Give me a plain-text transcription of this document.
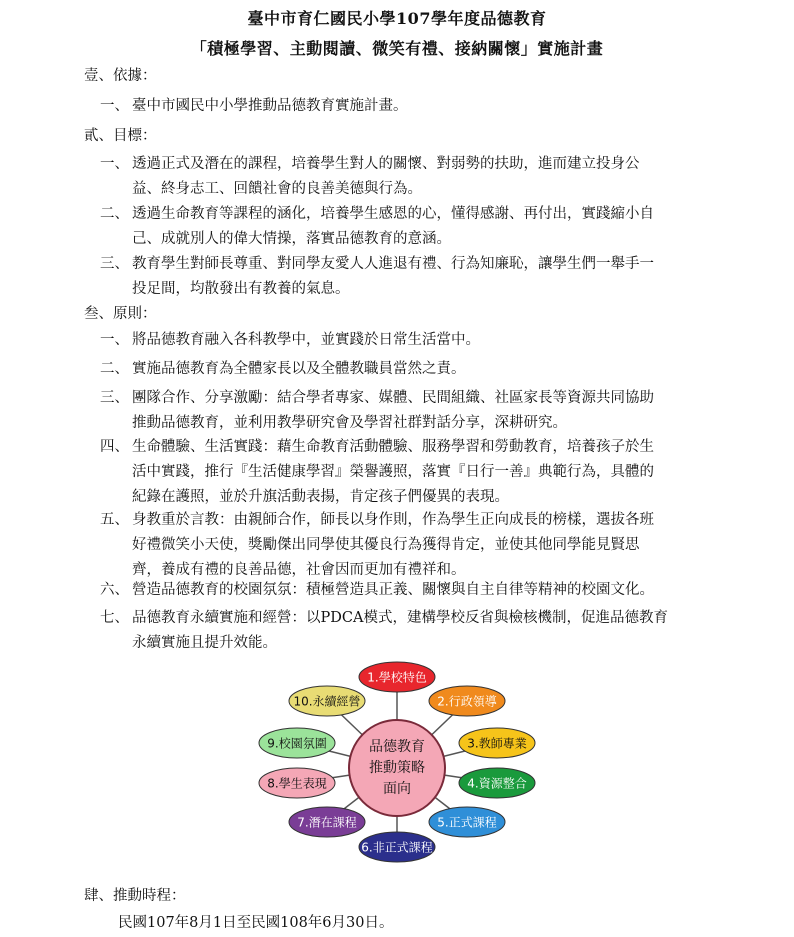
臺中市育仁國民小學107學年度品德教育
「積極學習、主動閱讀、微笑有禮、接納關懷」實施計畫
壹、依據：
一、 臺中市國民中小學推動品德教育實施計畫。
貳、目標：
一、 透過正式及潛在的課程，培養學生對人的關懷、對弱勢的扶助，進而建立投身公
益、終身志工、回饋社會的良善美德與行為。
二、 透過生命教育等課程的涵化，培養學生感恩的心，懂得感謝、再付出，實踐縮小自
己、成就別人的偉大情操，落實品德教育的意涵。
三、 教育學生對師長尊重、對同學友愛人人進退有禮、行為知廉恥，讓學生們一舉手一
投足間，均散發出有教養的氣息。
叁、原則：
一、 將品德教育融入各科教學中，並實踐於日常生活當中。
二、 實施品德教育為全體家長以及全體教職員當然之責。
三、 團隊合作、分享激勵：結合學者專家、媒體、民間組織、社區家長等資源共同協助
推動品德教育，並利用教學研究會及學習社群對話分享，深耕研究。
四、 生命體驗、生活實踐：藉生命教育活動體驗、服務學習和勞動教育，培養孩子於生
活中實踐，推行『生活健康學習』榮譽護照，落實『日行一善』典範行為，具體的
紀錄在護照，並於升旗活動表揚，肯定孩子們優異的表現。
五、 身教重於言教：由親師合作，師長以身作則，作為學生正向成長的榜樣，選拔各班
好禮微笑小天使，獎勵傑出同學使其優良行為獲得肯定，並使其他同學能見賢思
齊，養成有禮的良善品德，社會因而更加有禮祥和。
六、 營造品德教育的校園氛氛：積極營造具正義、關懷與自主自律等精神的校園文化。
七、 品德教育永續實施和經營：以PDCA模式，建構學校反省與檢核機制，促進品德教育
永續實施且提升效能。
1.學校特色
2.行政領導
3.教師專業
4.資源整合
5.正式課程
6.非正式課程
7.潛在課程
8.學生表現
9.校園氛圍
10.永續經營
品德教育
推動策略
面向
肆、推動時程：
民國107年8月1日至民國108年6月30日。
